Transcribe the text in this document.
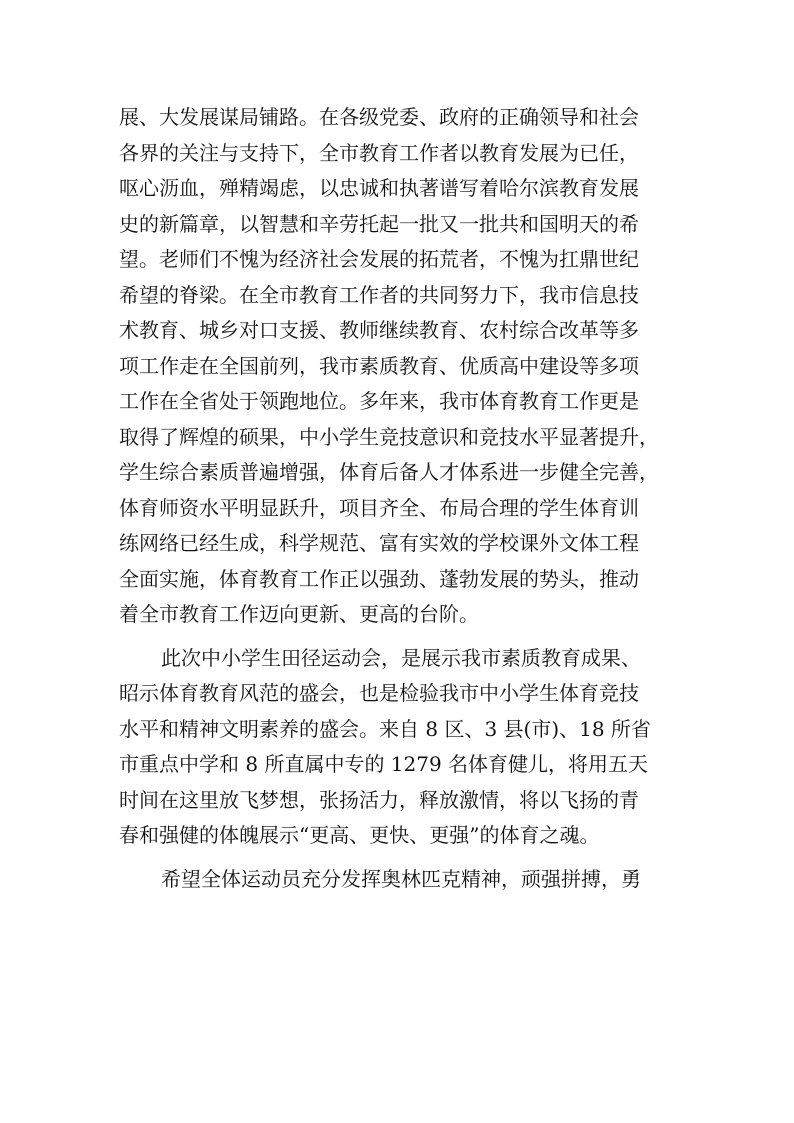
展、大发展谋局铺路。在各级党委、政府的正确领导和社会
各界的关注与支持下，全市教育工作者以教育发展为已任，
呕心沥血，殚精竭虑，以忠诚和执著谱写着哈尔滨教育发展
史的新篇章，以智慧和辛劳托起一批又一批共和国明天的希
望。老师们不愧为经济社会发展的拓荒者，不愧为扛鼎世纪
希望的脊梁。在全市教育工作者的共同努力下，我市信息技
术教育、城乡对口支援、教师继续教育、农村综合改革等多
项工作走在全国前列，我市素质教育、优质高中建设等多项
工作在全省处于领跑地位。多年来，我市体育教育工作更是
取得了辉煌的硕果，中小学生竞技意识和竞技水平显著提升，
学生综合素质普遍增强，体育后备人才体系进一步健全完善，
体育师资水平明显跃升，项目齐全、布局合理的学生体育训
练网络已经生成，科学规范、富有实效的学校课外文体工程
全面实施，体育教育工作正以强劲、蓬勃发展的势头，推动
着全市教育工作迈向更新、更高的台阶。
此次中小学生田径运动会，是展示我市素质教育成果、
昭示体育教育风范的盛会，也是检验我市中小学生体育竞技
水平和精神文明素养的盛会。来自 8 区、3 县(市)、18 所省
市重点中学和 8 所直属中专的 1279 名体育健儿，将用五天
时间在这里放飞梦想，张扬活力，释放激情，将以飞扬的青
春和强健的体魄展示“更高、更快、更强”的体育之魂。
希望全体运动员充分发挥奥林匹克精神，顽强拼搏，勇
